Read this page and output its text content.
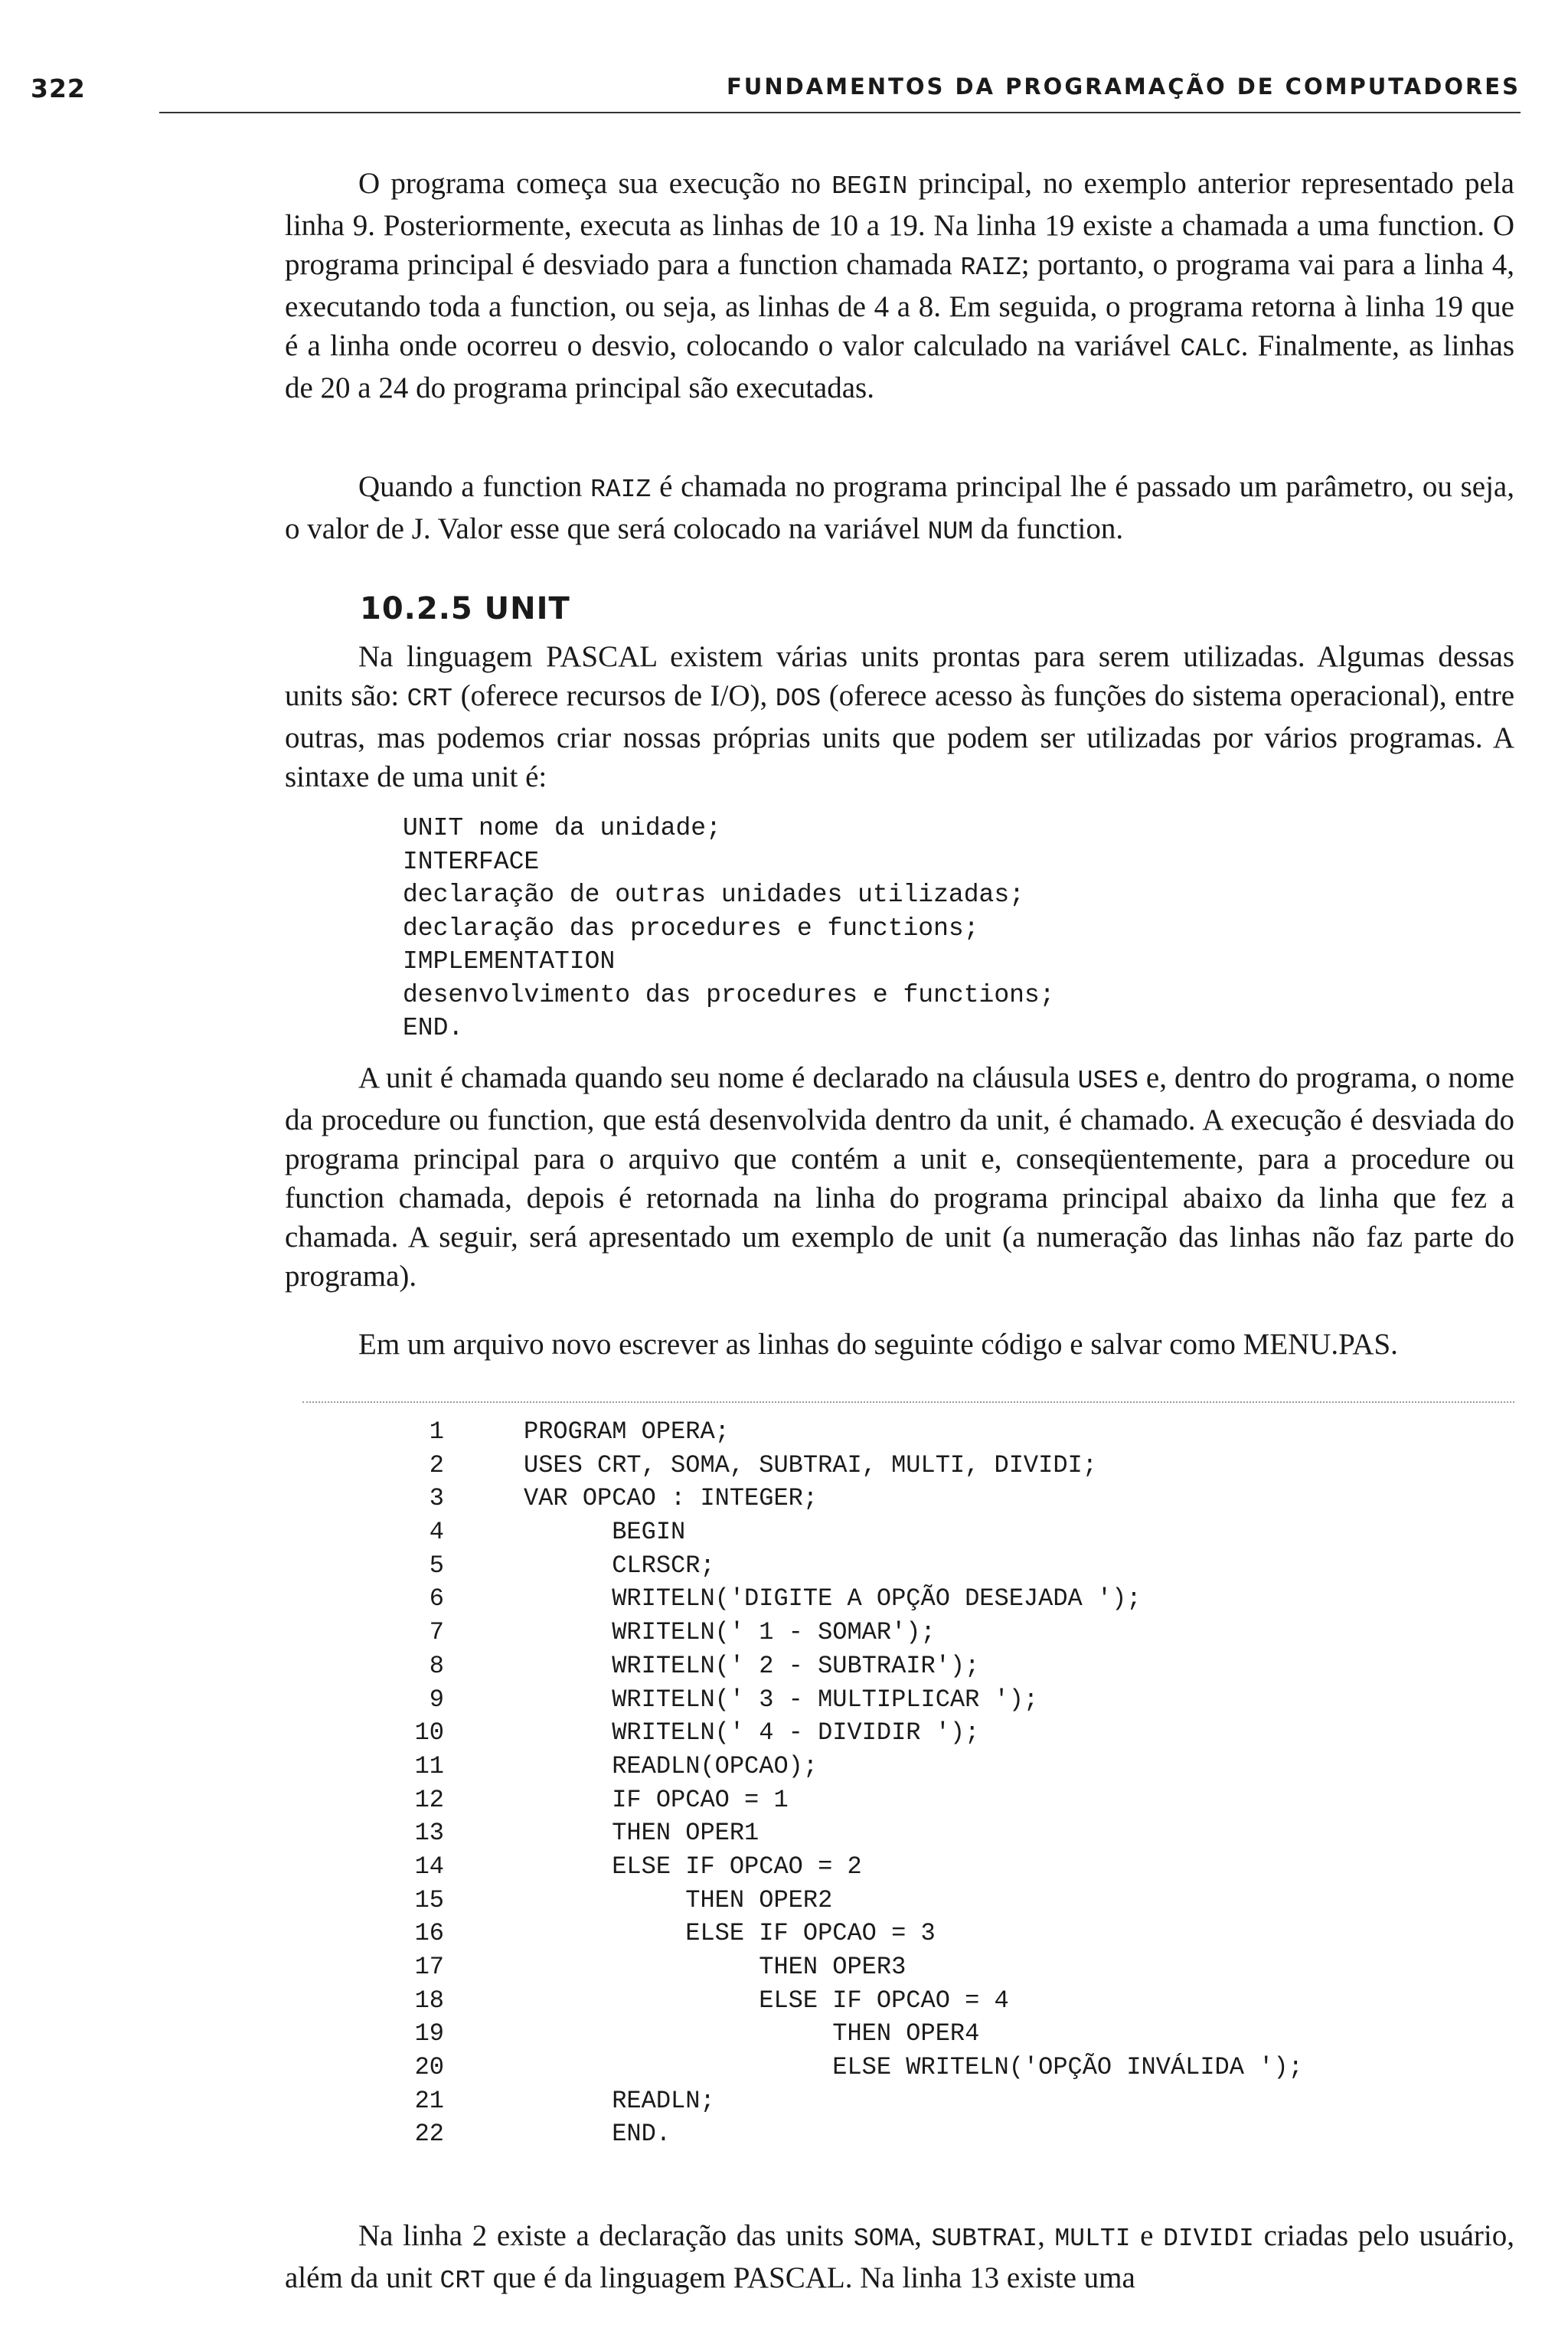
322	FUNDAMENTOS DA PROGRAMAÇÃO DE COMPUTADORES

O programa começa sua execução no BEGIN principal, no exemplo anterior representado pela linha 9. Posteriormente, executa as linhas de 10 a 19. Na linha 19 existe a chamada a uma function. O programa principal é desviado para a function chamada RAIZ; portanto, o programa vai para a linha 4, executando toda a function, ou seja, as linhas de 4 a 8. Em seguida, o programa retorna à linha 19 que é a linha onde ocorreu o desvio, colocando o valor calculado na variável CALC. Finalmente, as linhas de 20 a 24 do programa principal são executadas.

Quando a function RAIZ é chamada no programa principal lhe é passado um parâmetro, ou seja, o valor de J. Valor esse que será colocado na variável NUM da function.

10.2.5 UNIT

Na linguagem PASCAL existem várias units prontas para serem utilizadas. Algumas dessas units são: CRT (oferece recursos de I/O), DOS (oferece acesso às funções do sistema operacional), entre outras, mas podemos criar nossas próprias units que podem ser utilizadas por vários programas. A sintaxe de uma unit é:

UNIT nome da unidade;
INTERFACE
declaração de outras unidades utilizadas;
declaração das procedures e functions;
IMPLEMENTATION
desenvolvimento das procedures e functions;
END.

A unit é chamada quando seu nome é declarado na cláusula USES e, dentro do programa, o nome da procedure ou function, que está desenvolvida dentro da unit, é chamado. A execução é desviada do programa principal para o arquivo que contém a unit e, conseqüentemente, para a procedure ou function chamada, depois é retornada na linha do programa principal abaixo da linha que fez a chamada. A seguir, será apresentado um exemplo de unit (a numeração das linhas não faz parte do programa).

Em um arquivo novo escrever as linhas do seguinte código e salvar como MENU.PAS.

1	PROGRAM OPERA;
2	USES CRT, SOMA, SUBTRAI, MULTI, DIVIDI;
3	VAR OPCAO : INTEGER;
4	BEGIN
5	CLRSCR;
6	WRITELN('DIGITE A OPÇÃO DESEJADA ');
7	WRITELN(' 1 - SOMAR');
8	WRITELN(' 2 - SUBTRAIR');
9	WRITELN(' 3 - MULTIPLICAR ');
10	WRITELN(' 4 - DIVIDIR ');
11	READLN(OPCAO);
12	IF OPCAO = 1
13	THEN OPER1
14	ELSE IF OPCAO = 2
15	THEN OPER2
16	ELSE IF OPCAO = 3
17	THEN OPER3
18	ELSE IF OPCAO = 4
19	THEN OPER4
20	ELSE WRITELN('OPÇÃO INVÁLIDA ');
21	READLN;
22	END.

Na linha 2 existe a declaração das units SOMA, SUBTRAI, MULTI e DIVIDI criadas pelo usuário, além da unit CRT que é da linguagem PASCAL. Na linha 13 existe uma
